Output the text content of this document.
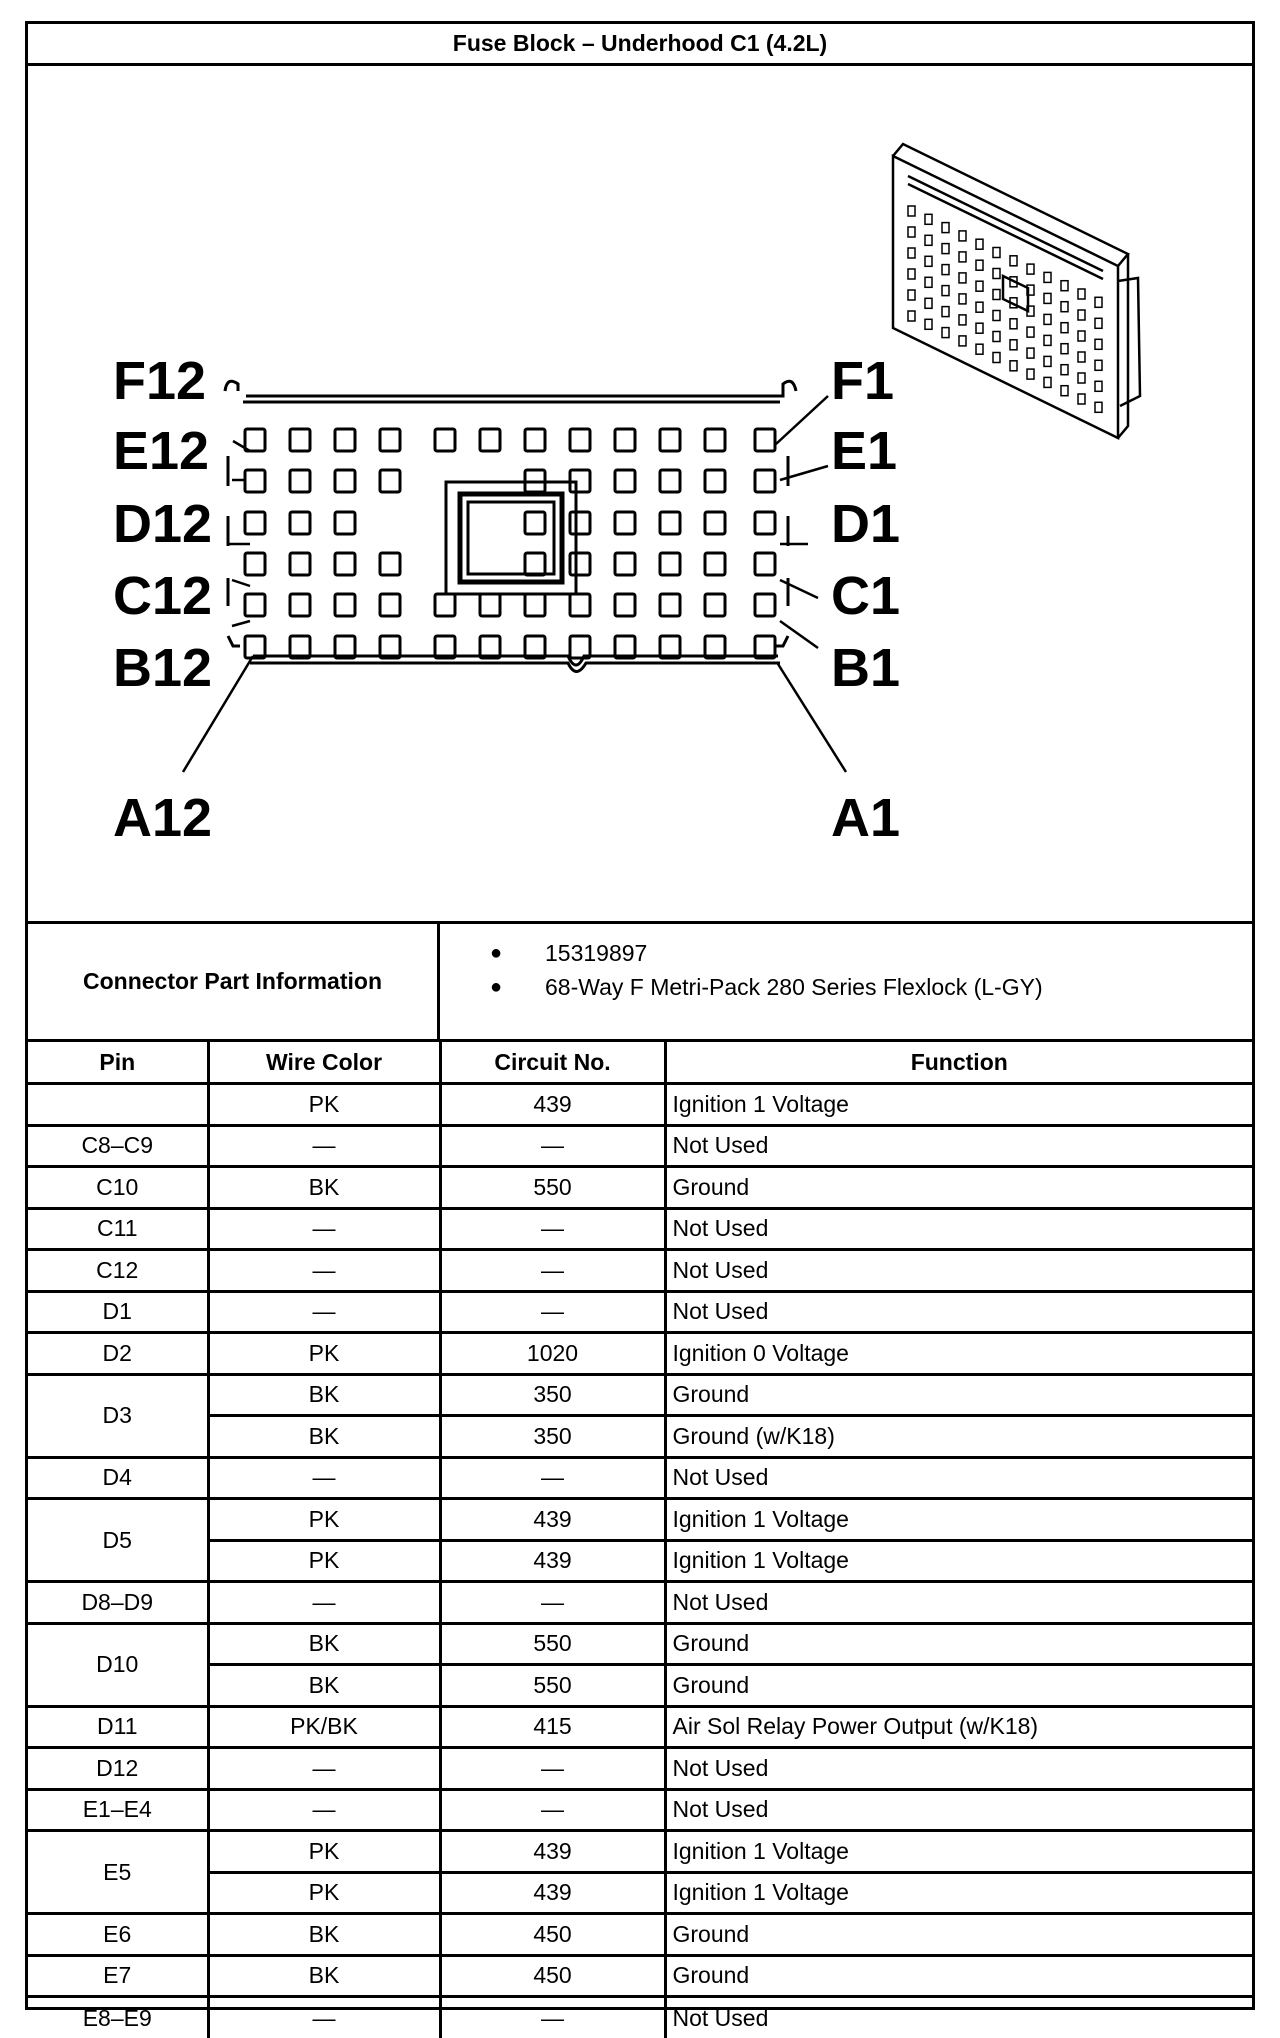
Fuse Block – Underhood C1 (4.2L)
F12
E12
D12
C12
B12
A12
F1
E1
D1
C1
B1
A1
Connector Part Information
● 15319897
● 68-Way F Metri-Pack 280 Series Flexlock (L-GY)
Pin	Wire Color	Circuit No.	Function
	PK	439	Ignition 1 Voltage
C8–C9	—	—	Not Used
C10	BK	550	Ground
C11	—	—	Not Used
C12	—	—	Not Used
D1	—	—	Not Used
D2	PK	1020	Ignition 0 Voltage
D3	BK	350	Ground
	BK	350	Ground (w/K18)
D4	—	—	Not Used
D5	PK	439	Ignition 1 Voltage
	PK	439	Ignition 1 Voltage
D8–D9	—	—	Not Used
D10	BK	550	Ground
	BK	550	Ground
D11	PK/BK	415	Air Sol Relay Power Output (w/K18)
D12	—	—	Not Used
E1–E4	—	—	Not Used
E5	PK	439	Ignition 1 Voltage
	PK	439	Ignition 1 Voltage
E6	BK	450	Ground
E7	BK	450	Ground
E8–E9	—	—	Not Used
